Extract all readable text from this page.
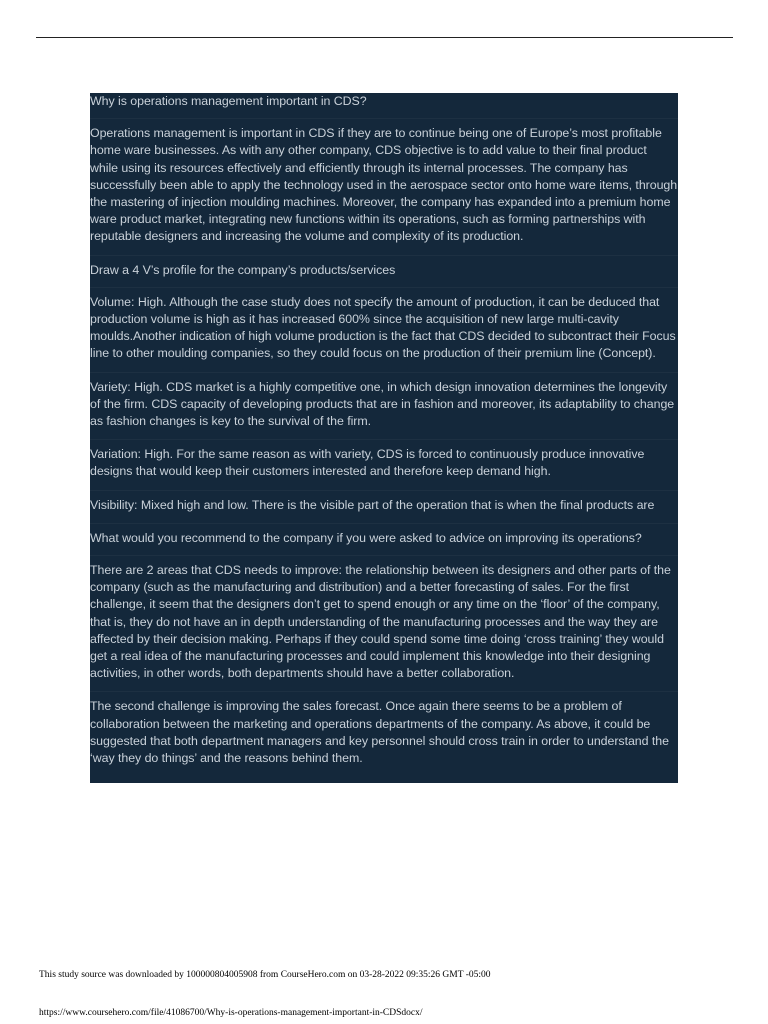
Why is operations management important in CDS?

Operations management is important in CDS if they are to continue being one of Europe’s most profitable home ware businesses. As with any other company, CDS objective is to add value to their final product while using its resources effectively and efficiently through its internal processes. The company has successfully been able to apply the technology used in the aerospace sector onto home ware items, through the mastering of injection moulding machines. Moreover, the company has expanded into a premium home ware product market, integrating new functions within its operations, such as forming partnerships with reputable designers and increasing the volume and complexity of its production.

Draw a 4 V’s profile for the company’s products/services

Volume: High. Although the case study does not specify the amount of production, it can be deduced that production volume is high as it has increased 600% since the acquisition of new large multi-cavity moulds.Another indication of high volume production is the fact that CDS decided to subcontract their Focus line to other moulding companies, so they could focus on the production of their premium line (Concept).

Variety: High. CDS market is a highly competitive one, in which design innovation determines the longevity of the firm. CDS capacity of developing products that are in fashion and moreover, its adaptability to change as fashion changes is key to the survival of the firm.

Variation: High. For the same reason as with variety, CDS is forced to continuously produce innovative designs that would keep their customers interested and therefore keep demand high.

Visibility: Mixed high and low. There is the visible part of the operation that is when the final products are

What would you recommend to the company if you were asked to advice on improving its operations?

There are 2 areas that CDS needs to improve: the relationship between its designers and other parts of the company (such as the manufacturing and distribution) and a better forecasting of sales. For the first challenge, it seem that the designers don’t get to spend enough or any time on the ‘floor’ of the company, that is, they do not have an in depth understanding of the manufacturing processes and the way they are affected by their decision making. Perhaps if they could spend some time doing ‘cross training’ they would get a real idea of the manufacturing processes and could implement this knowledge into their designing activities, in other words, both departments should have a better collaboration.

The second challenge is improving the sales forecast. Once again there seems to be a problem of collaboration between the marketing and operations departments of the company. As above, it could be suggested that both department managers and key personnel should cross train in order to understand the ‘way they do things’ and the reasons behind them.

This study source was downloaded by 100000804005908 from CourseHero.com on 03-28-2022 09:35:26 GMT -05:00
https://www.coursehero.com/file/41086700/Why-is-operations-management-important-in-CDSdocx/
